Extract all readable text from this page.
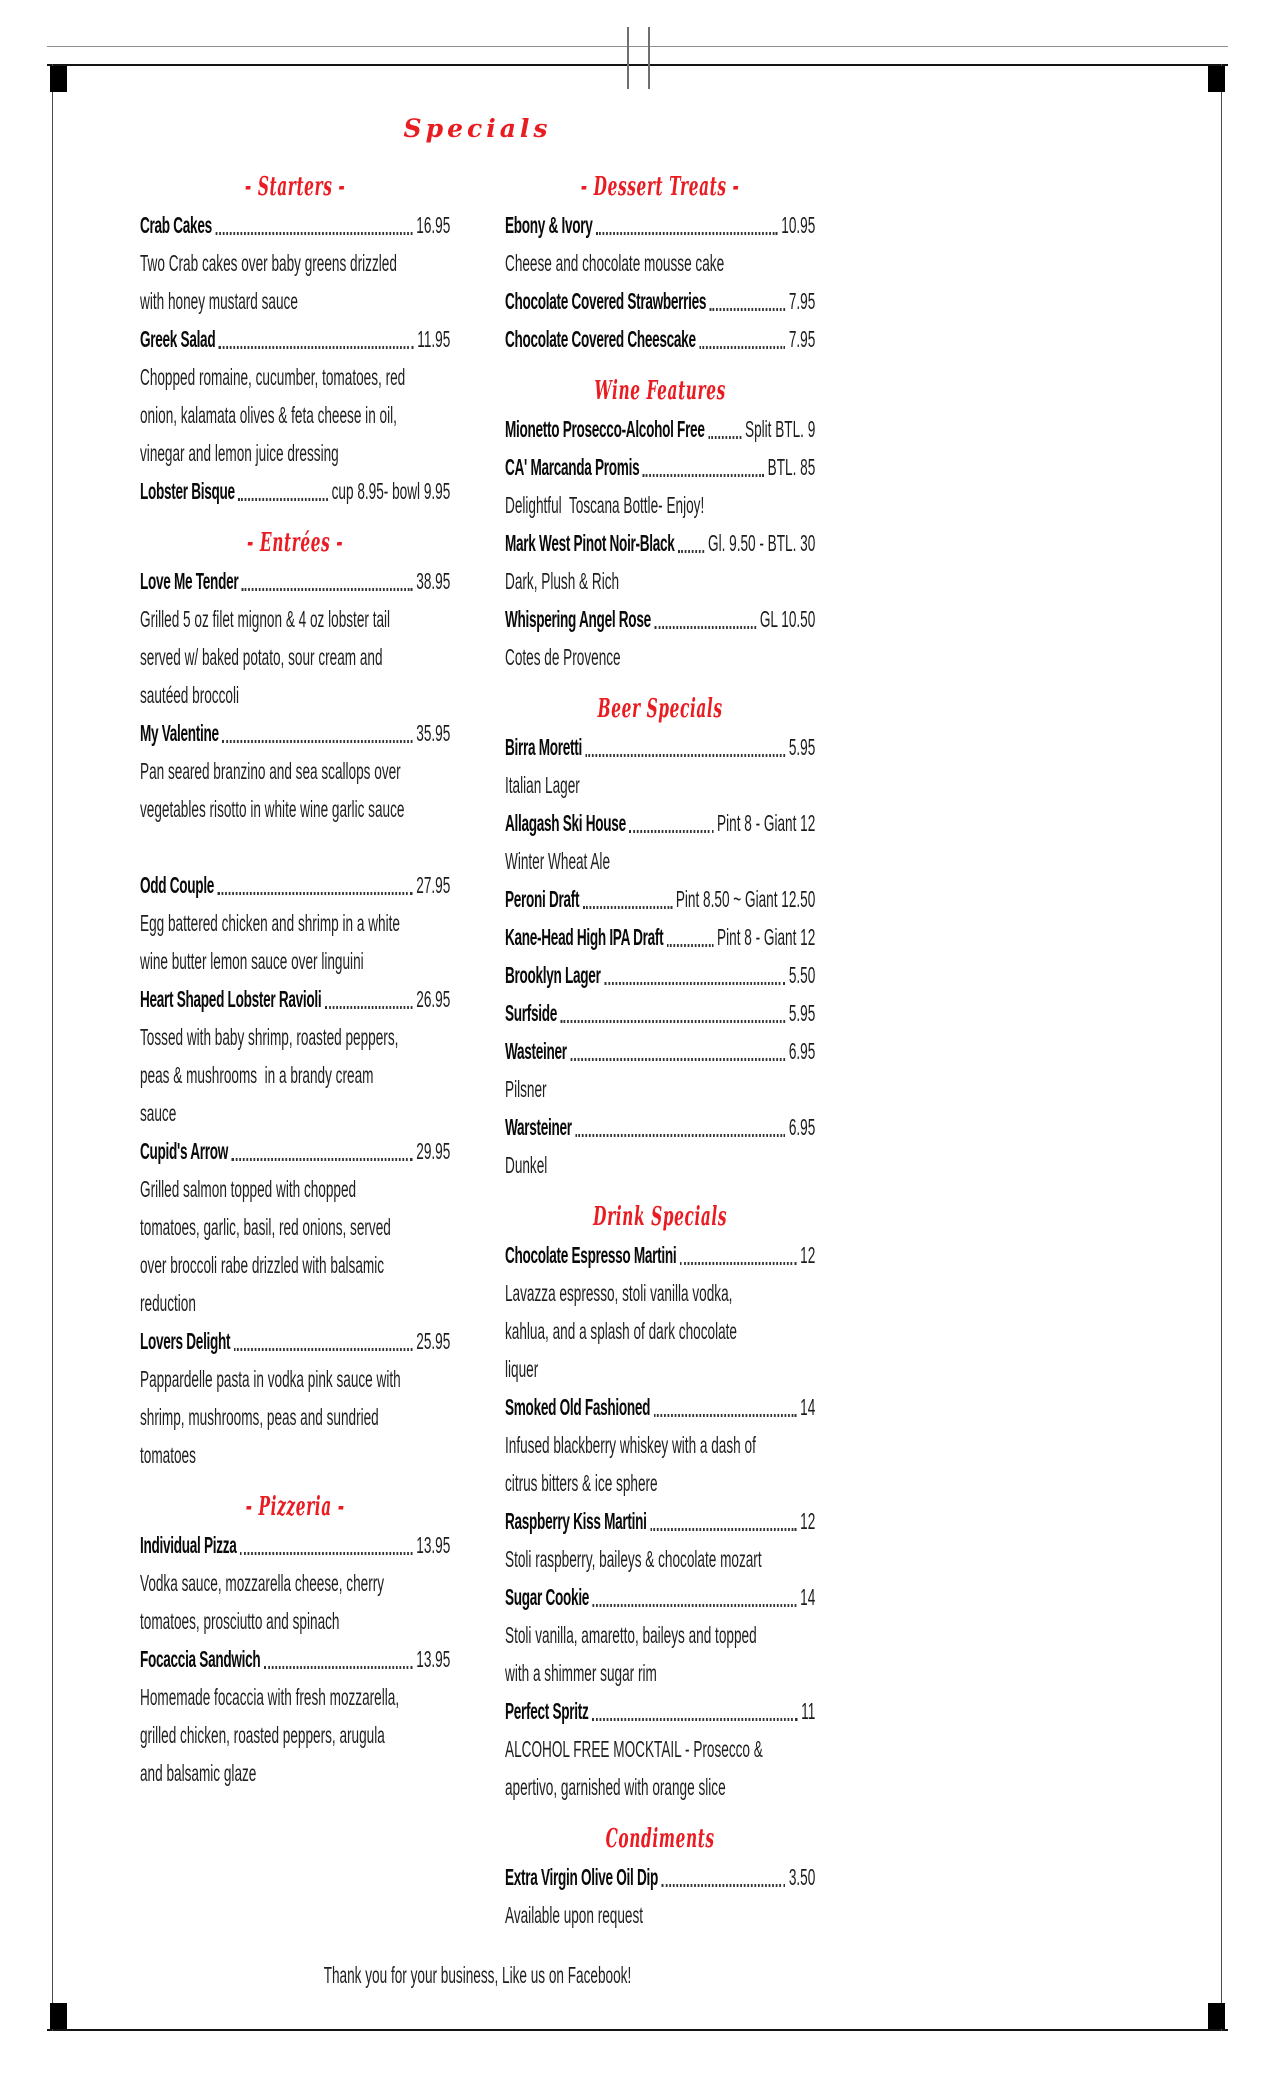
Specials
- Starters -
Crab Cakes	16.95
Two Crab cakes over baby greens drizzled
with honey mustard sauce
Greek Salad	11.95
Chopped romaine, cucumber, tomatoes, red
onion, kalamata olives & feta cheese in oil,
vinegar and lemon juice dressing
Lobster Bisque	cup 8.95- bowl 9.95
- Entrées -
Love Me Tender	38.95
Grilled 5 oz filet mignon & 4 oz lobster tail
served w/ baked potato, sour cream and
sautéed broccoli
My Valentine	35.95
Pan seared branzino and sea scallops over
vegetables risotto in white wine garlic sauce
Odd Couple	27.95
Egg battered chicken and shrimp in a white
wine butter lemon sauce over linguini
Heart Shaped Lobster Ravioli	26.95
Tossed with baby shrimp, roasted peppers,
peas & mushrooms  in a brandy cream
sauce
Cupid's Arrow	29.95
Grilled salmon topped with chopped
tomatoes, garlic, basil, red onions, served
over broccoli rabe drizzled with balsamic
reduction
Lovers Delight	25.95
Pappardelle pasta in vodka pink sauce with
shrimp, mushrooms, peas and sundried
tomatoes
- Pizzeria -
Individual Pizza	13.95
Vodka sauce, mozzarella cheese, cherry
tomatoes, prosciutto and spinach
Focaccia Sandwich	13.95
Homemade focaccia with fresh mozzarella,
grilled chicken, roasted peppers, arugula
and balsamic glaze
- Dessert Treats -
Ebony & Ivory	10.95
Cheese and chocolate mousse cake
Chocolate Covered Strawberries	7.95
Chocolate Covered Cheescake	7.95
Wine Features
Mionetto Prosecco-Alcohol Free Split BTL. 9
CA' Marcanda Promis	BTL. 85
Delightful  Toscana Bottle- Enjoy!
Mark West Pinot Noir-Black Gl. 9.50 - BTL. 30
Dark, Plush & Rich
Whispering Angel Rose	GL 10.50
Cotes de Provence
Beer Specials
Birra Moretti	5.95
Italian Lager
Allagash Ski House	Pint 8 - Giant 12
Winter Wheat Ale
Peroni Draft	Pint 8.50 ~ Giant 12.50
Kane-Head High IPA Draft Pint 8 - Giant 12
Brooklyn Lager	5.50
Surfside	5.95
Wasteiner	6.95
Pilsner
Warsteiner	6.95
Dunkel
Drink Specials
Chocolate Espresso Martini	12
Lavazza espresso, stoli vanilla vodka,
kahlua, and a splash of dark chocolate
liquer
Smoked Old Fashioned	14
Infused blackberry whiskey with a dash of
citrus bitters & ice sphere
Raspberry Kiss Martini	12
Stoli raspberry, baileys & chocolate mozart
Sugar Cookie	14
Stoli vanilla, amaretto, baileys and topped
with a shimmer sugar rim
Perfect Spritz	11
ALCOHOL FREE MOCKTAIL - Prosecco &
apertivo, garnished with orange slice
Condiments
Extra Virgin Olive Oil Dip	3.50
Available upon request
Thank you for your business, Like us on Facebook!
